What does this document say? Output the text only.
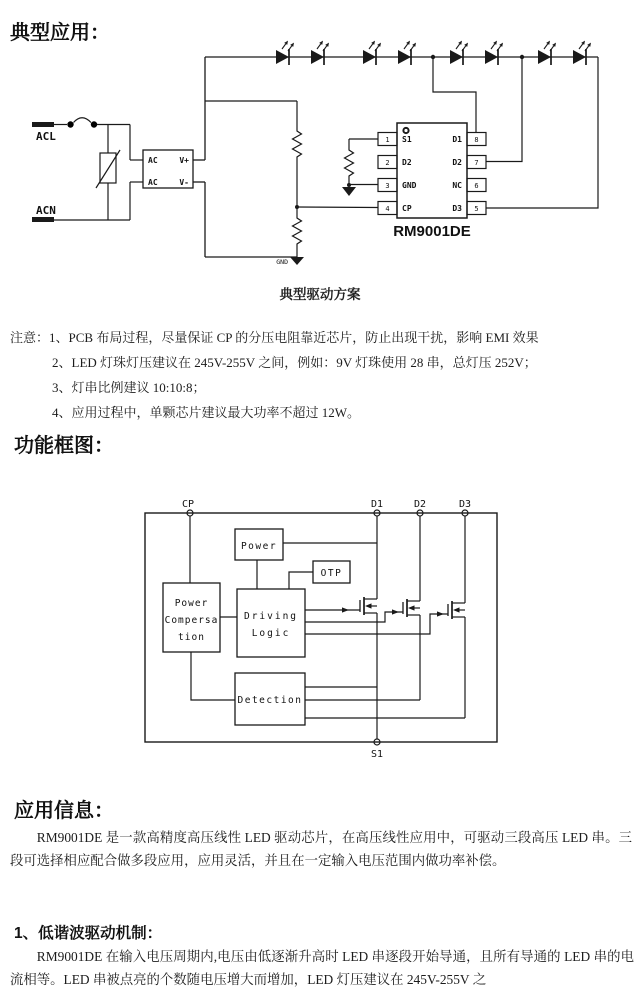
典型应用：
ACL
ACN
AC	V+
AC	V-
GND
1
2
3
4
8
7
6
5
S1
D2
GND
CP
D1
D2
NC
D3
RM9001DE
典型驱动方案
注意：1、PCB 布局过程，尽量保证 CP 的分压电阻靠近芯片，防止出现干扰，影响 EMI 效果
2、LED 灯珠灯压建议在 245V-255V 之间，例如：9V 灯珠使用 28 串，总灯压 252V；
3、灯串比例建议 10:10:8；
4、应用过程中，单颗芯片建议最大功率不超过 12W。
功能框图：
CP	D1	D2	D3
S1
Power
OTP
Power
Compersa
tion
Driving
Logic
Detection
应用信息：
RM9001DE 是一款高精度高压线性 LED 驱动芯片，在高压线性应用中，可驱动三段高压 LED 串。三段可选择相应配合做多段应用，应用灵活，并且在一定输入电压范围内做功率补偿。
1、低谐波驱动机制：
RM9001DE 在输入电压周期内,电压由低逐渐升高时 LED 串逐段开始导通，且所有导通的 LED 串的电流相等。LED 串被点亮的个数随电压增大而增加，LED 灯压建议在 245V-255V 之
